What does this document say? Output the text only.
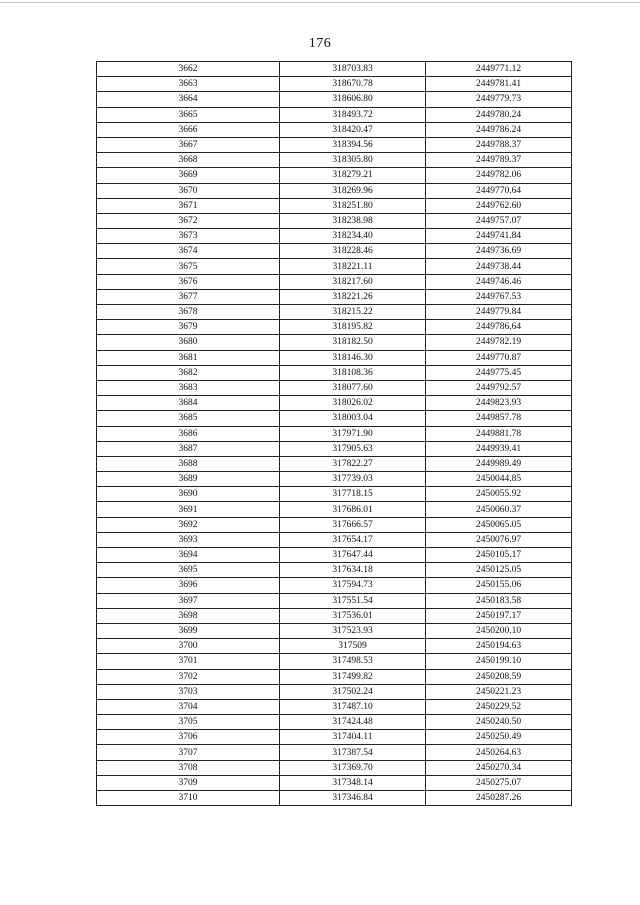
176
3662	318703.83	2449771.12
3663	318670.78	2449781.41
3664	318606.80	2449779.73
3665	318493.72	2449780.24
3666	318420.47	2449786.24
3667	318394.56	2449788.37
3668	318305.80	2449789.37
3669	318279.21	2449782.06
3670	318269.96	2449770.64
3671	318251.80	2449762.60
3672	318238.98	2449757.07
3673	318234.40	2449741.84
3674	318228.46	2449736.69
3675	318221.11	2449738.44
3676	318217.60	2449746.46
3677	318221.26	2449767.53
3678	318215.22	2449779.84
3679	318195.82	2449786.64
3680	318182.50	2449782.19
3681	318146.30	2449770.87
3682	318108.36	2449775.45
3683	318077.60	2449792.57
3684	318026.02	2449823.93
3685	318003.04	2449857.78
3686	317971.90	2449881.78
3687	317905.63	2449939.41
3688	317822.27	2449989.49
3689	317739.03	2450044.85
3690	317718.15	2450055.92
3691	317686.01	2450060.37
3692	317666.57	2450065.05
3693	317654.17	2450076.97
3694	317647.44	2450105.17
3695	317634.18	2450125.05
3696	317594.73	2450155.06
3697	317551.54	2450183.58
3698	317536.01	2450197.17
3699	317523.93	2450200.10
3700	317509	2450194.63
3701	317498.53	2450199.10
3702	317499.82	2450208.59
3703	317502.24	2450221.23
3704	317487.10	2450229.52
3705	317424.48	2450240.50
3706	317404.11	2450250.49
3707	317387.54	2450264.63
3708	317369.70	2450270.34
3709	317348.14	2450275.07
3710	317346.84	2450287.26
